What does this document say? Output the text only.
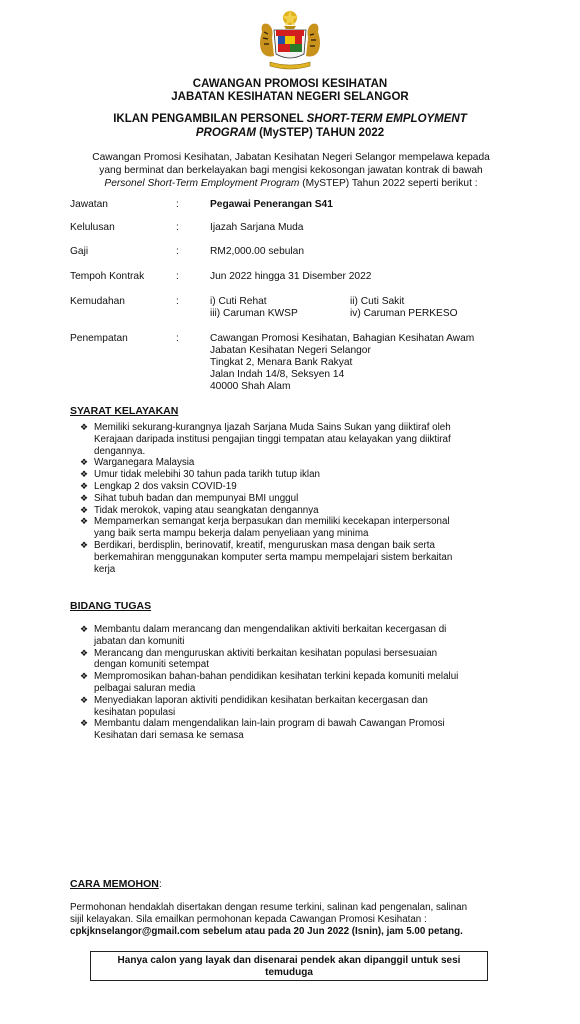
CAWANGAN PROMOSI KESIHATAN
JABATAN KESIHATAN NEGERI SELANGOR
IKLAN PENGAMBILAN PERSONEL SHORT-TERM EMPLOYMENT
PROGRAM (MySTEP) TAHUN 2022
Cawangan Promosi Kesihatan, Jabatan Kesihatan Negeri Selangor mempelawa kepada
yang berminat dan berkelayakan bagi mengisi kekosongan jawatan kontrak di bawah
Personel Short-Term Employment Program (MySTEP) Tahun 2022 seperti berikut :
Jawatan	:	Pegawai Penerangan S41
Kelulusan	:	Ijazah Sarjana Muda
Gaji	:	RM2,000.00 sebulan
Tempoh Kontrak	:	Jun 2022 hingga 31 Disember 2022
Kemudahan	:	i) Cuti Rehat	ii) Cuti Sakit
iii) Caruman KWSP	iv) Caruman PERKESO
Penempatan	:	Cawangan Promosi Kesihatan, Bahagian Kesihatan Awam
Jabatan Kesihatan Negeri Selangor
Tingkat 2, Menara Bank Rakyat
Jalan Indah 14/8, Seksyen 14
40000 Shah Alam
SYARAT KELAYAKAN
❖ Memiliki sekurang-kurangnya Ijazah Sarjana Muda Sains Sukan yang diiktiraf oleh
Kerajaan daripada institusi pengajian tinggi tempatan atau kelayakan yang diiktiraf
dengannya.
❖ Warganegara Malaysia
❖ Umur tidak melebihi 30 tahun pada tarikh tutup iklan
❖ Lengkap 2 dos vaksin COVID-19
❖ Sihat tubuh badan dan mempunyai BMI unggul
❖ Tidak merokok, vaping atau seangkatan dengannya
❖ Mempamerkan semangat kerja berpasukan dan memiliki kecekapan interpersonal
yang baik serta mampu bekerja dalam penyeliaan yang minima
❖ Berdikari, berdisplin, berinovatif, kreatif, menguruskan masa dengan baik serta
berkemahiran menggunakan komputer serta mampu mempelajari sistem berkaitan
kerja
BIDANG TUGAS
❖ Membantu dalam merancang dan mengendalikan aktiviti berkaitan kecergasan di
jabatan dan komuniti
❖ Merancang dan menguruskan aktiviti berkaitan kesihatan populasi bersesuaian
dengan komuniti setempat
❖ Mempromosikan bahan-bahan pendidikan kesihatan terkini kepada komuniti melalui
pelbagai saluran media
❖ Menyediakan laporan aktiviti pendidikan kesihatan berkaitan kecergasan dan
kesihatan populasi
❖ Membantu dalam mengendalikan lain-lain program di bawah Cawangan Promosi
Kesihatan dari semasa ke semasa
CARA MEMOHON:
Permohonan hendaklah disertakan dengan resume terkini, salinan kad pengenalan, salinan
sijil kelayakan. Sila emailkan permohonan kepada Cawangan Promosi Kesihatan :
cpkjknselangor@gmail.com sebelum atau pada 20 Jun 2022 (Isnin), jam 5.00 petang.
Hanya calon yang layak dan disenarai pendek akan dipanggil untuk sesi
temuduga
